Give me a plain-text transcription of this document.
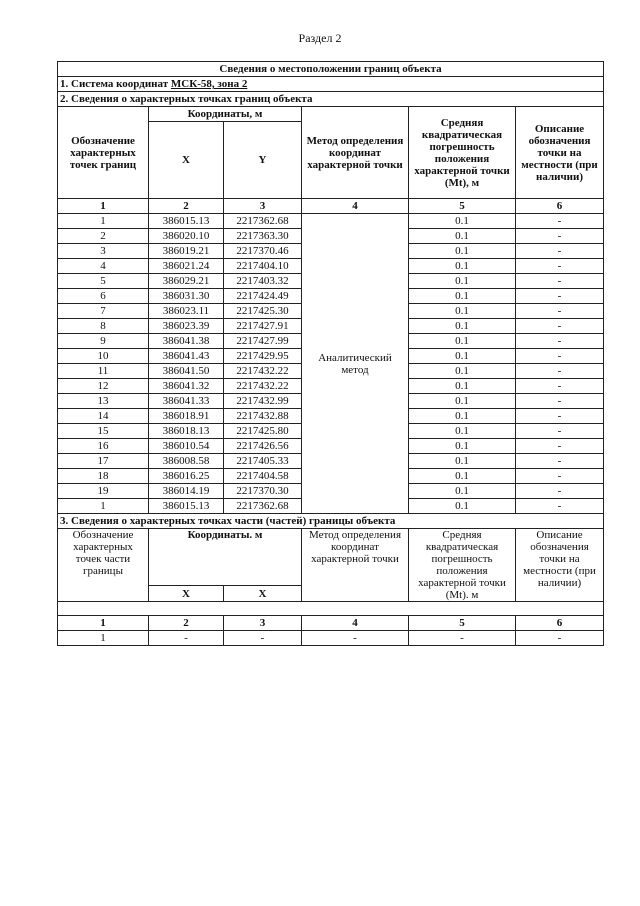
Раздел 2
Сведения о местоположении границ объекта					
1. Система координат МСК-58, зона 2					
2. Сведения о характерных точках границ объекта					
Обозначение характерных точек границ	Координаты, м		Метод определения координат характерной точки	Средняя квадратическая погрешность положения характерной точки (Mt), м	Описание обозначения точки на местности (при наличии)
	X	Y			
1	2	3	4	5	6
1	386015.13	2217362.68	Аналитический метод	0.1	-
2	386020.10	2217363.30		0.1	-
3	386019.21	2217370.46		0.1	-
4	386021.24	2217404.10		0.1	-
5	386029.21	2217403.32		0.1	-
6	386031.30	2217424.49		0.1	-
7	386023.11	2217425.30		0.1	-
8	386023.39	2217427.91		0.1	-
9	386041.38	2217427.99		0.1	-
10	386041.43	2217429.95		0.1	-
11	386041.50	2217432.22		0.1	-
12	386041.32	2217432.22		0.1	-
13	386041.33	2217432.99		0.1	-
14	386018.91	2217432.88		0.1	-
15	386018.13	2217425.80		0.1	-
16	386010.54	2217426.56		0.1	-
17	386008.58	2217405.33		0.1	-
18	386016.25	2217404.58		0.1	-
19	386014.19	2217370.30		0.1	-
1	386015.13	2217362.68		0.1	-
3. Сведения о характерных точках части (частей) границы объекта					
Обозначение характерных точек части границы	Координаты. м		Метод определения координат характерной точки	Средняя квадратическая погрешность положения характерной точки (Mt). м	Описание обозначения точки на местности (при наличии)
	X	X			

1	2	3	4	5	6
1	-	-	-	-	-
